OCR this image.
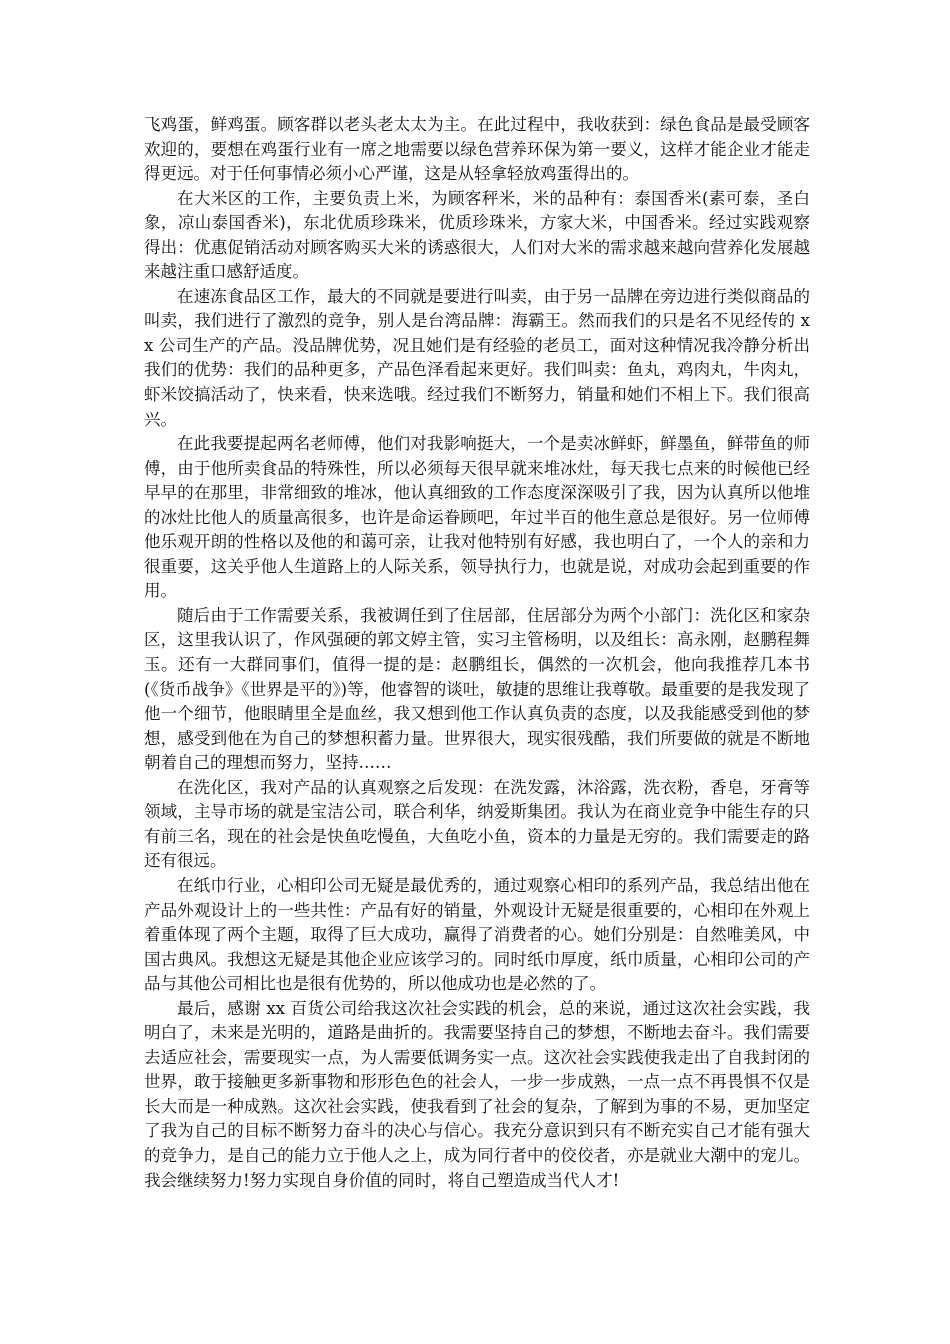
飞鸡蛋，鲜鸡蛋。顾客群以老头老太太为主。在此过程中，我收获到：绿色食品是最受顾客欢迎的，要想在鸡蛋行业有一席之地需要以绿色营养环保为第一要义，这样才能企业才能走得更远。对于任何事情必须小心严谨，这是从轻拿轻放鸡蛋得出的。

在大米区的工作，主要负责上米，为顾客秤米，米的品种有：泰国香米(素可泰，圣白象，凉山泰国香米)，东北优质珍珠米，优质珍珠米，方家大米，中国香米。经过实践观察得出：优惠促销活动对顾客购买大米的诱惑很大，人们对大米的需求越来越向营养化发展越来越注重口感舒适度。

在速冻食品区工作，最大的不同就是要进行叫卖，由于另一品牌在旁边进行类似商品的叫卖，我们进行了激烈的竞争，别人是台湾品牌：海霸王。然而我们的只是名不见经传的 xx 公司生产的产品。没品牌优势，况且她们是有经验的老员工，面对这种情况我冷静分析出我们的优势：我们的品种更多，产品色泽看起来更好。我们叫卖：鱼丸，鸡肉丸，牛肉丸，虾米饺搞活动了，快来看，快来选哦。经过我们不断努力，销量和她们不相上下。我们很高兴。

在此我要提起两名老师傅，他们对我影响挺大，一个是卖冰鲜虾，鲜墨鱼，鲜带鱼的师傅，由于他所卖食品的特殊性，所以必须每天很早就来堆冰灶，每天我七点来的时候他已经早早的在那里，非常细致的堆冰，他认真细致的工作态度深深吸引了我，因为认真所以他堆的冰灶比他人的质量高很多，也许是命运眷顾吧，年过半百的他生意总是很好。另一位师傅他乐观开朗的性格以及他的和蔼可亲，让我对他特别有好感，我也明白了，一个人的亲和力很重要，这关乎他人生道路上的人际关系，领导执行力，也就是说，对成功会起到重要的作用。

随后由于工作需要关系，我被调任到了住居部，住居部分为两个小部门：洗化区和家杂区，这里我认识了，作风强硬的郭文婷主管，实习主管杨明，以及组长：高永刚，赵鹏程舞玉。还有一大群同事们，值得一提的是：赵鹏组长，偶然的一次机会，他向我推荐几本书(《货币战争》《世界是平的》)等，他睿智的谈吐，敏捷的思维让我尊敬。最重要的是我发现了他一个细节，他眼睛里全是血丝，我又想到他工作认真负责的态度，以及我能感受到他的梦想，感受到他在为自己的梦想积蓄力量。世界很大，现实很残酷，我们所要做的就是不断地朝着自己的理想而努力，坚持……

在洗化区，我对产品的认真观察之后发现：在洗发露，沐浴露，洗衣粉，香皂，牙膏等领域，主导市场的就是宝洁公司，联合利华，纳爱斯集团。我认为在商业竞争中能生存的只有前三名，现在的社会是快鱼吃慢鱼，大鱼吃小鱼，资本的力量是无穷的。我们需要走的路还有很远。

在纸巾行业，心相印公司无疑是最优秀的，通过观察心相印的系列产品，我总结出他在产品外观设计上的一些共性：产品有好的销量，外观设计无疑是很重要的，心相印在外观上着重体现了两个主题，取得了巨大成功，赢得了消费者的心。她们分别是：自然唯美风，中国古典风。我想这无疑是其他企业应该学习的。同时纸巾厚度，纸巾质量，心相印公司的产品与其他公司相比也是很有优势的，所以他成功也是必然的了。

最后，感谢 xx 百货公司给我这次社会实践的机会，总的来说，通过这次社会实践，我明白了，未来是光明的，道路是曲折的。我需要坚持自己的梦想，不断地去奋斗。我们需要去适应社会，需要现实一点，为人需要低调务实一点。这次社会实践使我走出了自我封闭的世界，敢于接触更多新事物和形形色色的社会人，一步一步成熟，一点一点不再畏惧不仅是长大而是一种成熟。这次社会实践，使我看到了社会的复杂，了解到为事的不易，更加坚定了我为自己的目标不断努力奋斗的决心与信心。我充分意识到只有不断充实自己才能有强大的竞争力，是自己的能力立于他人之上，成为同行者中的佼佼者，亦是就业大潮中的宠儿。我会继续努力!努力实现自身价值的同时，将自己塑造成当代人才!
